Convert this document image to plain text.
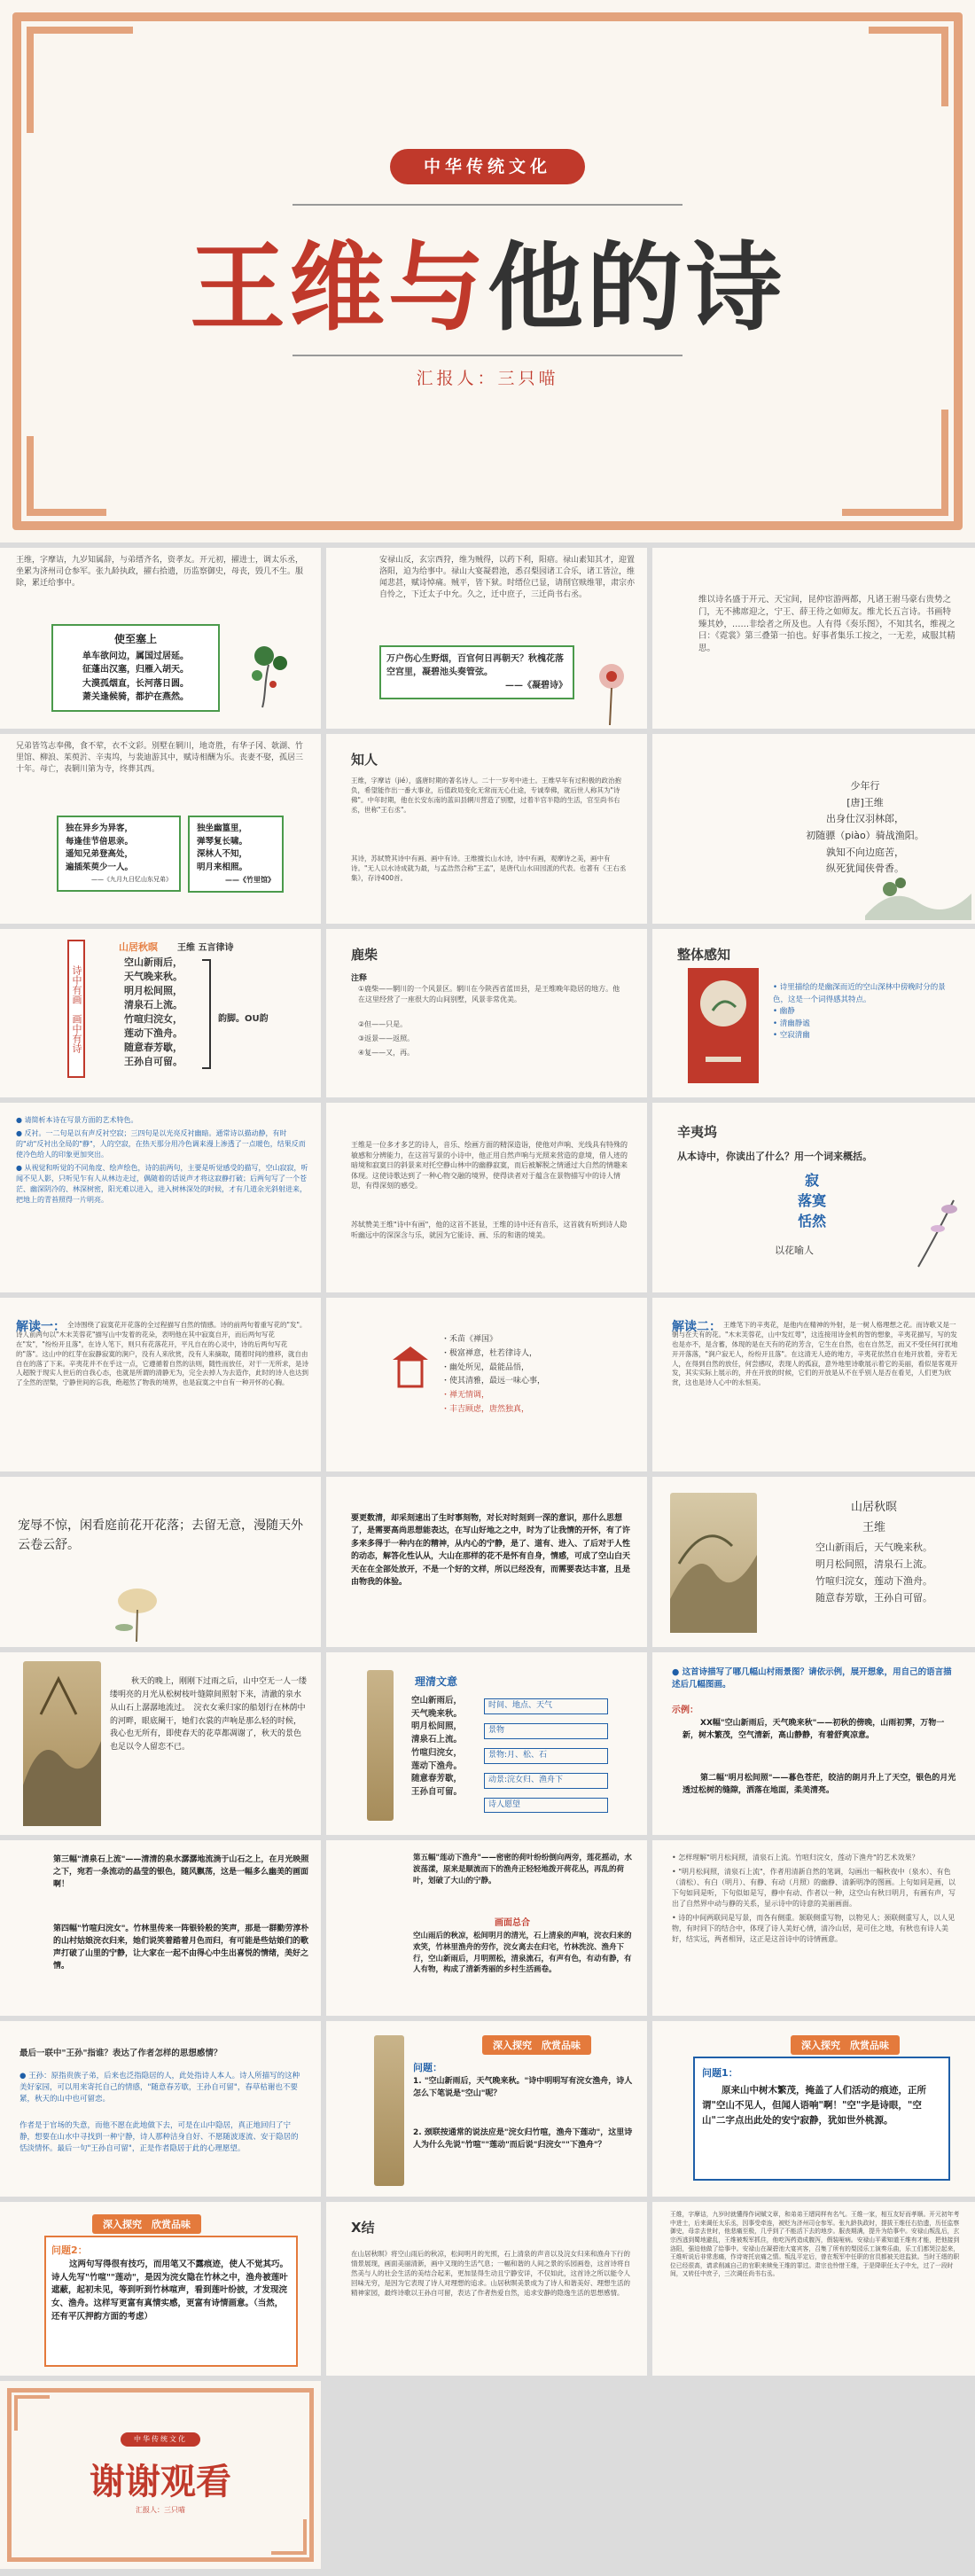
中华传统文化
王维与他的诗
汇报人：三只喵
王维，字摩诘，九岁知属辞，与弟缙齐名，资孝友。开元初，擢进士，调太乐丞，坐累为济州司仓参军。张九龄执政，擢右拾遗，历监察御史，母丧，毁几不生。服除，累迁给事中。
使至塞上
单车欲问边，属国过居延。
征蓬出汉塞，归雁入胡天。
大漠孤烟直，长河落日圆。
萧关逢候骑，都护在燕然。
安禄山反，玄宗西狩，维为贼得，以药下利，阳瘖。禄山素知其才，迎置洛阳，迫为给事中。禄山大宴凝碧池，悉召梨园诸工合乐，诸工皆泣，维闻悲甚，赋诗悼痛。贼平，皆下狱。时缙位已显，请削官赎维罪，肃宗亦自怜之，下迁太子中允。久之，迁中庶子，三迁尚书右丞。
万户伤心生野烟，百官何日再朝天？秋槐花落空宫里，凝碧池头奏管弦。
——《凝碧诗》
维以诗名盛于开元、天宝间，昆仲宦游两都，凡诸王驸马豪右贵势之门，无不拂席迎之，宁王、薛王待之如师友。维尤长五言诗。书画特臻其妙，……非绘者之所及也。人有得《奏乐图》，不知其名，维视之曰：《霓裳》第三叠第一拍也。好事者集乐工按之，一无差，咸服其精思。
兄弟皆笃志奉佛，食不荤，衣不文彩。别墅在辋川，地奇胜，有华子冈、欹湖、竹里馆、柳浪、茱萸沜、辛夷坞，与裴迪游其中，赋诗相酬为乐。丧妻不娶，孤居三十年。母亡，表辋川第为寺，终葬其西。
独在异乡为异客，
每逢佳节倍思亲。
遥知兄弟登高处，
遍插茱萸少一人。
——《九月九日忆山东兄弟》
独坐幽篁里，
弹琴复长啸。
深林人不知，
明月来相照。
——《竹里馆》
知人
王维，字摩诘（jié），盛唐时期的著名诗人。二十一岁考中进士。王维早年有过积极的政治抱负，希望能作出一番大事业，后值政局变化无常而无心仕途，专诚奉佛，就后世人称其为"诗佛"。中年时期，他在长安东南的蓝田县辋川营造了别墅，过着半官半隐的生活，官至尚书右丞，世称"王右丞"。
其诗，苏轼赞其诗中有画、画中有诗。王维擅长山水诗，诗中有画，观摩诗之美，画中有诗。"无人以水诗成就为最，与孟浩然合称"王孟"，是唐代山水田园派的代表。也著有《王右丞集》，存诗400首。
少年行
[唐]王维
出身仕汉羽林郎，
初随骠（piào）骑战渔阳。
孰知不向边庭苦，
纵死犹闻侠骨香。
诗中有画　画中有诗
山居秋暝 王维 五言律诗
空山新雨后，
天气晚来秋。
明月松间照，
清泉石上流。
竹喧归浣女，
莲动下渔舟。
随意春芳歇，
王孙自可留。
韵脚。OU韵
鹿柴
注释
①鹿柴——辋川的一个风景区。辋川在今陕西省蓝田县，是王维晚年隐居的地方。他在这里经营了一座很大的山间别墅，风景非常优美。
②但——只是。
③返景——返照。
④复——又，再。
整体感知
• 诗里描绘的是幽深而近的空山深林中傍晚时分的景色，这是一个词得感其特点。
• 幽静
• 清幽静谧
• 空寂清幽
● 请简析本诗在写景方面的艺术特色。
● 反衬。一二句是以有声反衬空寂；三四句是以光亮反衬幽暗。通常诗以描动静，有时的"动"反衬出全局的"静"，人的空寂，在热天那分用冷色调来漫上渗透了一点暖色，结果反而使冷色给人的印象更加突出。
● 从视觉和听觉的不同角度、绘声绘色，诗的前两句，主要是听觉感受的描写，空山寂寂，听闻不见人影，只听见乍有人从林边走过，偶随着的话说声才将这寂静打破；后两句写了一个苍茫、幽深阴冷的、林深树密，阳光难以进入，进入树林深处的时候，才有几道余光斜射进来，把地上的青苔照得一片明亮。
王维是一位多才多艺的诗人，音乐、绘画方面的精深造诣，使他对声响、光线具有特殊的敏感和分辨能力，在这首写景的小诗中，他正用自然声响与光照来营造的意境，借人迹的暗境和寂寞日的斜景来对托空静山林中的幽静寂寞，而后被解脱之情通过大自然的情趣来体现。这使诗歌达到了一种心物交融的境界，使得读者对于蕴含在景物描写中的诗人情思，有得深刻的感受。
苏轼赞美王维"诗中有画"，他的这首不甚显，王维的诗中还有音乐，这首就有听到诗人隐听幽远中的深深含与乐，就因为它能诗、画、乐的和谐的境美。
辛夷坞
从本诗中，你读出了什么？用一个词来概括。
寂
落寞
恬然
以花喻人
解读一： 全诗围绕了寂寞花开花落的全过程描写自然的情感。诗的前两句着重写花的"发"。诗人前两句以"木末芙蓉花"描写山中发着的花朵，表明他在其中寂寞自开，而后两句写花在"发"，"纷纷开且落"，在诗人笔下，则只有花落花开，平凡自在的心灵中，诗的后两句写花的"落"。这山中的红芽在寂静寂寞的涧户，没有人来欣赏，没有人来摘取，随着时间的推移，就自由自在的落了下来。辛夷花并不在乎这一点，它遵循着自然的法则，随性而放任，对于一无所求，是诗人超脱于现实人世后的自我心态，也就是所谓的清静无为，完全去掉人为去造作，此时的诗人也达到了全然的涅槃，宁静世间的忘我，绝超然了物我的境界，也是寂寞之中自有一种开怀的心胸。
・禾苗《禅国》
・极富禅意，杜若律诗人，
・幽处所见，最能品悟，
・使其清雅，最远一味心事，
・禅无情调，
・丰吉顾虑，唐然独真，
解读二： 王维笔下的辛夷花，是他内在精神的外射，是一树人格理想之花。而诗歌又是一朝与在天有的花。"木末芙蓉花，山中发红萼"，这连接用诗金机的智的想象，辛夷花描写，写的发也是亦不，是含蓄，体现的是在天有的花的芳含，它生在自然，也在自然芝，而又不受任何打扰地开开落落，"涧户寂无人，纷纷开且落"。在这清无人迹的地方，辛夷花依然自在地开放着，旁若无人，在得到自然的放任，何尝感叹，表现人的孤寂，意外地里诗歌展示着它的美丽，看似是客观开发，其实实际上展示的，并在开放的时候，它们的开放是从不在乎别人是否在看见，人们更为欣赏，这也是诗人心中的永恒美。
宠辱不惊，闲看庭前花开花落；去留无意，漫随天外云卷云舒。
要更数清，却采刻速出了生时事刻物，对长对时刻到一深的意识，那什么思想了，是需要高尚思想能表达，在写山好地之之中，时为了让我情的开怀，有了许多来多得于一种内在的精神，从内心的宁静，是了、道有、进入、了后对于人性的动态，解答化性认从，大山在那样的花不是怀有自身，情感，可成了空山白天天在在全部处放开，不是一个好的文样，所以已经没有，而需要表达丰富，且是由物我的体验。
山居秋暝
王维
空山新雨后，天气晚来秋。
明月松间照，清泉石上流。
竹喧归浣女，莲动下渔舟。
随意春芳歇，王孙自可留。
秋天的晚上，刚刚下过雨之后，山中空无一人一缕缕明亮的月光从松树枝叶缝隙间照射下来，清澈的泉水从山石上潺潺地流过。　浣衣女乘归家的船划行在林荫中的河畔，眼底阑干，她们衣裳的声响是那么轻的时候，我心也无所有，即使春天的花草都凋谢了，秋天的景色也足以令人留恋不已。
理清文意
空山新雨后，
天气晚来秋。
明月松间照，
清泉石上流。
竹喧归浣女，
莲动下渔舟。
随意春芳歇，
王孙自可留。
时间、地点、天气
景物
景物:月、松、石
动景:浣女归、渔舟下
诗人愿望
● 这首诗描写了哪几幅山村雨景图？请依示例，展开想象，用自己的语言描述后几幅图画。
示例：
XX幅"空山新雨后，天气晚来秋"——初秋的傍晚，山雨初霁，万物一新，树木繁茂，空气清新，高山静静，有着舒爽凉意。
第二幅"明月松间照"——暮色苍茫，皎洁的朗月升上了天空，银色的月光透过松树的缝隙，洒落在地面，柔美清亮。
第三幅"清泉石上流"——清清的泉水潺潺地流淌于山石之上，在月光映照之下，宛若一条流动的晶莹的银色，随风飘荡，这是一幅多么幽美的画面啊！
第四幅"竹喧归浣女"。竹林里传来一阵银铃般的笑声，那是一群勤劳淳朴的山村姑娘浣衣归来，她们说笑着踏着月色而归，有可能是些姑娘们的歌声打破了山里的宁静，让大家在一起不由得心中生出喜悦的情绪，美好之情。
第五幅"莲动下渔舟"——密密的荷叶纷纷倒向两旁，莲花摇动，水波荡漾，原来是顺流而下的渔舟正轻轻地拨开荷花丛，再乱的荷叶，划破了大山的宁静。
画面总合
空山雨后的秋凉，松间明月的清光，石上清泉的声响，浣衣归来的欢笑，竹林里渔舟的劳作，浣女离去在归宅，竹林洗浣、渔舟下行，空山新雨后，月明照松，清泉流石，有声有色，有动有静，有人有物，构成了清新秀丽的乡村生活画卷。
• 怎样理解"明月松间照，清泉石上流。竹喧归浣女，莲动下渔舟"的艺术效果？
• "明月松间照，清泉石上流"，作者用清新自然的笔调，勾画出一幅秋夜中（泉水）、有色（清松）、有白（明月）、有静、有动（月照）的幽静、清新明净的图画。上句如同是画，以下句如同是听，下句似如是写，静中有动、作者以一种，这空山有秋日明月，有画有声，写出了自然界中动与静的关系，显示诗中的诗意的美丽画面。
• 诗的中间两联同是写景，而各有侧重。颔联侧重写物，以物见人；颈联侧重写人，以人见物，有时同下的结合中，体现了诗人美好心情，清冷山居，是可住之地，有秋也有诗人美好，结实远，两者相异，这正是这首诗中的诗情画意。
最后一联中"王孙"指谁？表达了作者怎样的思想感情？
● 王孙：原指贵族子弟，后来也泛指隐居的人，此处指诗人本人。诗人所描写的这种美好家园，可以用来寄托自己的情感，"随意春芳歇，王孙自可留"，春草枯谢也不要紧，秋天的山中也可留恋。
作者是于官场的失意，而他不愿在此地做下去，可是在山中隐居，真正地回归了宁静，想要在山水中寻找到一种宁静，诗人那种洁身自好、不愿随波逐流、安于隐居的恬淡情怀。最后一句"王孙自可留"，正是作者隐居于此的心理愿望。
深入探究　欣赏品味
问题：
1. "空山新雨后，天气晚来秋。"诗中明明写有浣女渔舟，诗人怎么下笔说是"空山"呢？
2. 颈联按通常的说法应是"浣女归竹喧，渔舟下莲动"，这里诗人为什么先说"竹喧""莲动"而后说"归浣女""下渔舟"？
深入探究　欣赏品味
问题1：
原来山中树木繁茂，掩盖了人们活动的痕迹，正所谓"空山不见人，但闻人语响"啊！"空"字是诗眼，"空山"二字点出此处的安宁寂静，犹如世外桃源。
深入探究　欣赏品味
问题2：
这两句写得很有技巧，而用笔又不露痕迹，使人不觉其巧。诗人先写"竹喧""莲动"，是因为浣女隐在竹林之中，渔舟被莲叶遮蔽，起初未见，等到听到竹林喧声，看到莲叶纷披，才发现浣女、渔舟。这样写更富有真情实感，更富有诗情画意。（当然，还有平仄押韵方面的考虑）
X结
在山居秋暝》将空山雨后的秋凉，松间明月的光照，石上清泉的声音以及浣女归来和渔舟下行的情景展现，画面美丽清新，画中又现的生活气息；一幅和谐的人间之景的乐园画卷，这首诗将自然美与人的社会生活的美结合起来，更加显得生动且宁静安详，不仅如此，这首诗之所以能令人回味无穷，是因为它表现了诗人对理想的追求。山居秋暝美景成为了诗人和谐美好、理想生活的精神家园，最终诗歌以王孙自可留，表达了作者热爱自然，追求安静的隐逸生活的思想感情。
王维，字摩诘，九岁时就懂得作词赋文章，和弟弟王缙同样有名气。王维一家，相互友好而孝顺。开元初年考中进士，后来调任太乐丞，因事受牵连，被贬为济州司仓参军。张九龄执政时，提拔王维任右拾遗，历任监察御史，母亲去世时，他悲痛至极，几乎到了不能活下去的地步。服丧期满，提升为给事中。安禄山叛乱后，玄宗西逃到蜀地避乱，王维被叛军抓住，他吃泻药造成腹泻，假装哑病。安禄山平素知道王维有才能，把他接到洛阳，强迫他做了给事中。安禄山在凝碧池大宴宾客，召集了所有的梨园乐工演奏乐曲，乐工们都哭泣起来，王维听说后非常悲痛，作诗寄托哀痛之情。叛乱平定后，曾在叛军中任职的官员都被关进监狱。当时王缙的职位已经很高，请求削减自己的官职来赎免王维的罪过。肃宗也怜惜王维，于是降职任太子中允，过了一段时间，又转任中庶子，三次调任尚书右丞。
中华传统文化
谢谢观看
汇报人：三只喵
